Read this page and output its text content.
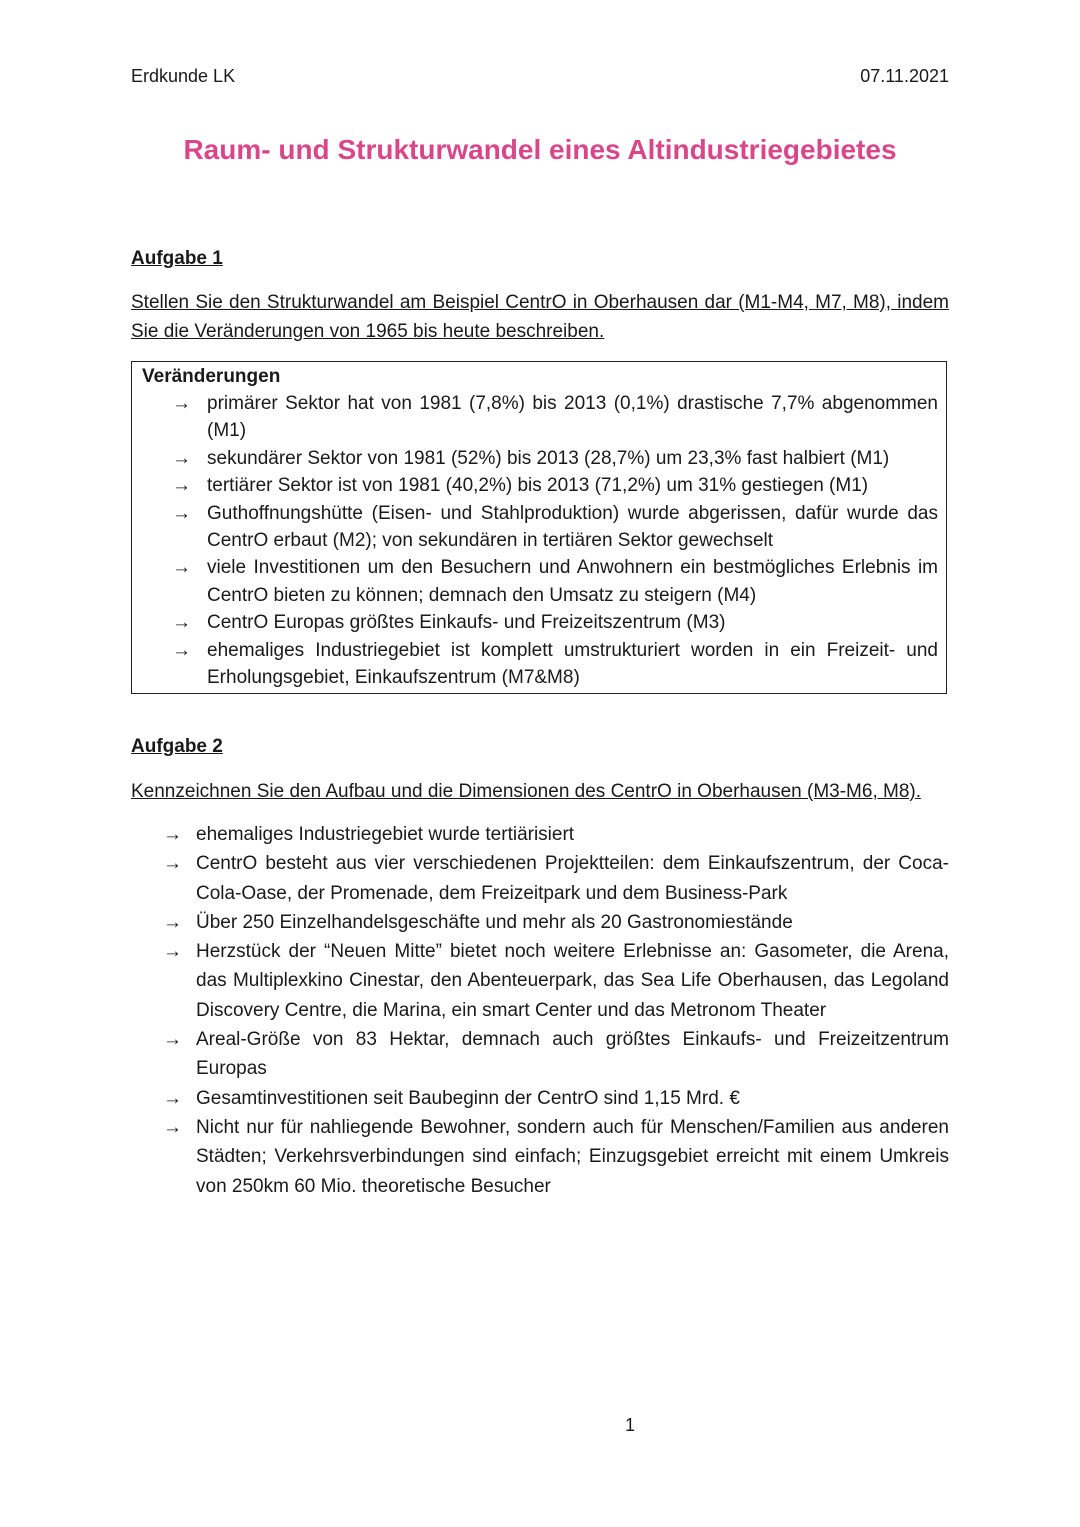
Erdkunde LK	07.11.2021
Raum- und Strukturwandel eines Altindustriegebietes
Aufgabe 1
Stellen Sie den Strukturwandel am Beispiel CentrO in Oberhausen dar (M1-M4, M7, M8), indem Sie die Veränderungen von 1965 bis heute beschreiben.
Veränderungen
→ primärer Sektor hat von 1981 (7,8%) bis 2013 (0,1%) drastische 7,7% abgenommen (M1)
→ sekundärer Sektor von 1981 (52%) bis 2013 (28,7%) um 23,3% fast halbiert (M1)
→ tertiärer Sektor ist von 1981 (40,2%) bis 2013 (71,2%) um 31% gestiegen (M1)
→ Guthoffnungshütte (Eisen- und Stahlproduktion) wurde abgerissen, dafür wurde das CentrO erbaut (M2); von sekundären in tertiären Sektor gewechselt
→ viele Investitionen um den Besuchern und Anwohnern ein bestmögliches Erlebnis im CentrO bieten zu können; demnach den Umsatz zu steigern (M4)
→ CentrO Europas größtes Einkaufs- und Freizeitszentrum (M3)
→ ehemaliges Industriegebiet ist komplett umstrukturiert worden in ein Freizeit- und Erholungsgebiet, Einkaufszentrum (M7&M8)
Aufgabe 2
Kennzeichnen Sie den Aufbau und die Dimensionen des CentrO in Oberhausen (M3-M6, M8).
→ ehemaliges Industriegebiet wurde tertiärisiert
→ CentrO besteht aus vier verschiedenen Projektteilen: dem Einkaufszentrum, der Coca-Cola-Oase, der Promenade, dem Freizeitpark und dem Business-Park
→ Über 250 Einzelhandelsgeschäfte und mehr als 20 Gastronomiestände
→ Herzstück der “Neuen Mitte” bietet noch weitere Erlebnisse an: Gasometer, die Arena, das Multiplexkino Cinestar, den Abenteuerpark, das Sea Life Oberhausen, das Legoland Discovery Centre, die Marina, ein smart Center und das Metronom Theater
→ Areal-Größe von 83 Hektar, demnach auch größtes Einkaufs- und Freizeitzentrum Europas
→ Gesamtinvestitionen seit Baubeginn der CentrO sind 1,15 Mrd. €
→ Nicht nur für nahliegende Bewohner, sondern auch für Menschen/Familien aus anderen Städten; Verkehrsverbindungen sind einfach; Einzugsgebiet erreicht mit einem Umkreis von 250km 60 Mio. theoretische Besucher
1
